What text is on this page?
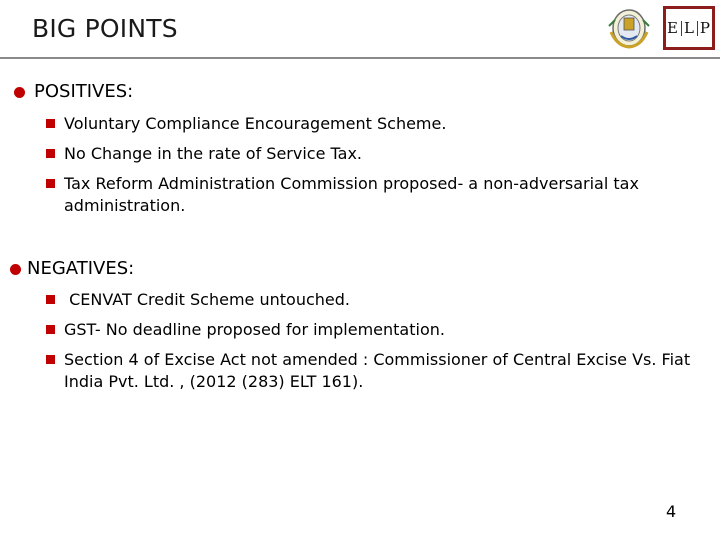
BIG POINTS	E L P
POSITIVES:
Voluntary Compliance Encouragement Scheme.
No Change in the rate of Service Tax.
Tax Reform Administration Commission proposed- a non-adversarial tax administration.
NEGATIVES:
CENVAT Credit Scheme untouched.
GST- No deadline proposed for implementation.
Section 4 of Excise Act not amended : Commissioner of Central Excise Vs. Fiat India Pvt. Ltd. , (2012 (283) ELT 161).
4
